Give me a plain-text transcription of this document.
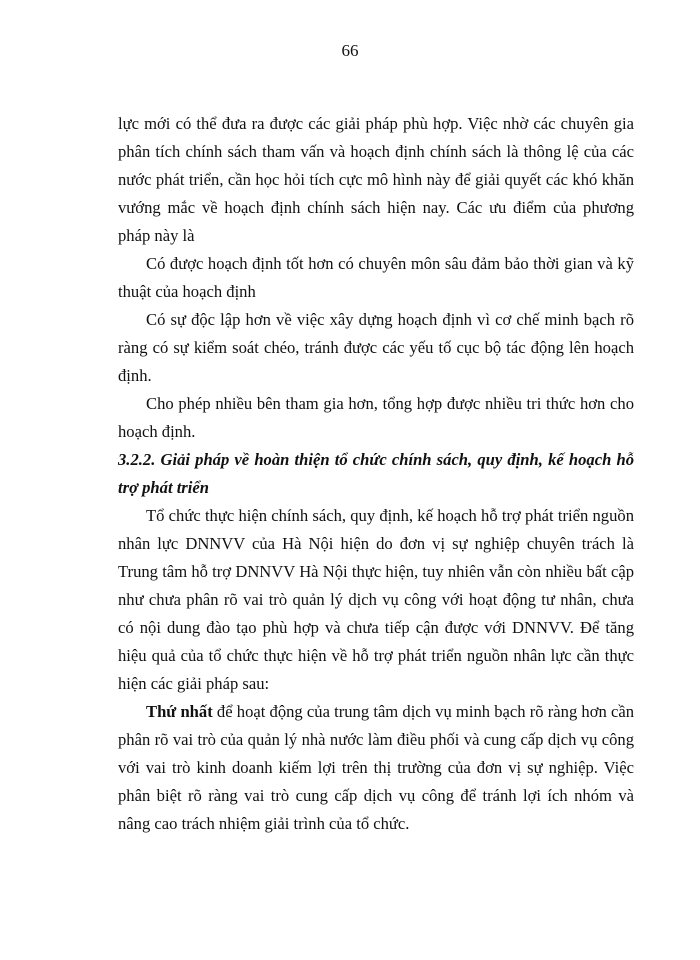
66

lực mới có thể đưa ra được các giải pháp phù hợp. Việc nhờ các chuyên gia phân tích chính sách tham vấn và hoạch định chính sách là thông lệ của các nước phát triển, cần học hỏi tích cực mô hình này để giải quyết các khó khăn vướng mắc về hoạch định chính sách hiện nay. Các ưu điểm của phương pháp này là

Có được hoạch định tốt hơn có chuyên môn sâu đảm bảo thời gian và kỹ thuật của hoạch định

Có sự độc lập hơn về việc xây dựng hoạch định vì cơ chế minh bạch rõ ràng có sự kiểm soát chéo, tránh được các yếu tố cục bộ tác động lên hoạch định.

Cho phép nhiều bên tham gia hơn, tổng hợp được nhiều tri thức hơn cho hoạch định.

3.2.2. Giải pháp về hoàn thiện tổ chức chính sách, quy định, kế hoạch hỗ trợ phát triển

Tổ chức thực hiện chính sách, quy định, kế hoạch hỗ trợ phát triển nguồn nhân lực DNNVV của Hà Nội hiện do đơn vị sự nghiệp chuyên trách là Trung tâm hỗ trợ DNNVV Hà Nội thực hiện, tuy nhiên vẫn còn nhiều bất cập như chưa phân rõ vai trò quản lý dịch vụ công với hoạt động tư nhân, chưa có nội dung đào tạo phù hợp và chưa tiếp cận được với DNNVV. Để tăng hiệu quả của tổ chức thực hiện về hỗ trợ phát triển nguồn nhân lực cần thực hiện các giải pháp sau:

Thứ nhất để hoạt động của trung tâm dịch vụ minh bạch rõ ràng hơn cần phân rõ vai trò của quản lý nhà nước làm điều phối và cung cấp dịch vụ công với vai trò kinh doanh kiếm lợi trên thị trường của đơn vị sự nghiệp. Việc phân biệt rõ ràng vai trò cung cấp dịch vụ công để tránh lợi ích nhóm và nâng cao trách nhiệm giải trình của tổ chức.
